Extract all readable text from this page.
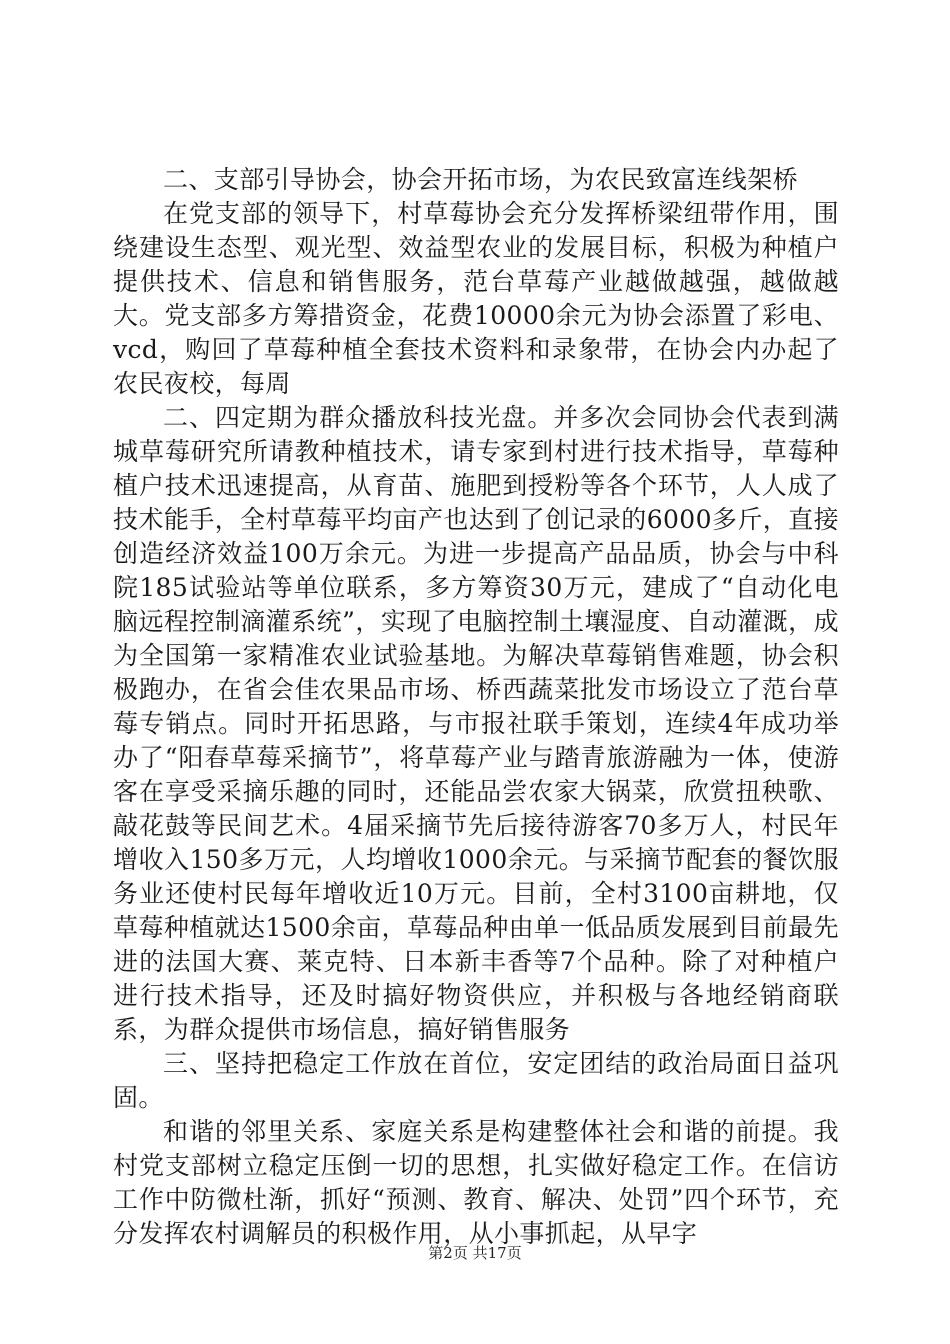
二、支部引导协会，协会开拓市场，为农民致富连线架桥

在党支部的领导下，村草莓协会充分发挥桥梁纽带作用，围绕建设生态型、观光型、效益型农业的发展目标，积极为种植户提供技术、信息和销售服务，范台草莓产业越做越强，越做越大。党支部多方筹措资金，花费10000余元为协会添置了彩电、vcd，购回了草莓种植全套技术资料和录象带，在协会内办起了农民夜校，每周

二、四定期为群众播放科技光盘。并多次会同协会代表到满城草莓研究所请教种植技术，请专家到村进行技术指导，草莓种植户技术迅速提高，从育苗、施肥到授粉等各个环节，人人成了技术能手，全村草莓平均亩产也达到了创记录的6000多斤，直接创造经济效益100万余元。为进一步提高产品品质，协会与中科院185试验站等单位联系，多方筹资30万元，建成了“自动化电脑远程控制滴灌系统”，实现了电脑控制土壤湿度、自动灌溉，成为全国第一家精准农业试验基地。为解决草莓销售难题，协会积极跑办，在省会佳农果品市场、桥西蔬菜批发市场设立了范台草莓专销点。同时开拓思路，与市报社联手策划，连续4年成功举办了“阳春草莓采摘节”，将草莓产业与踏青旅游融为一体，使游客在享受采摘乐趣的同时，还能品尝农家大锅菜，欣赏扭秧歌、敲花鼓等民间艺术。4届采摘节先后接待游客70多万人，村民年增收入150多万元，人均增收1000余元。与采摘节配套的餐饮服务业还使村民每年增收近10万元。目前，全村3100亩耕地，仅草莓种植就达1500余亩，草莓品种由单一低品质发展到目前最先进的法国大赛、莱克特、日本新丰香等7个品种。除了对种植户进行技术指导，还及时搞好物资供应，并积极与各地经销商联系，为群众提供市场信息，搞好销售服务

三、坚持把稳定工作放在首位，安定团结的政治局面日益巩固。

和谐的邻里关系、家庭关系是构建整体社会和谐的前提。我村党支部树立稳定压倒一切的思想，扎实做好稳定工作。在信访工作中防微杜渐，抓好“预测、教育、解决、处罚”四个环节，充分发挥农村调解员的积极作用，从小事抓起，从早字

第2页 共17页
